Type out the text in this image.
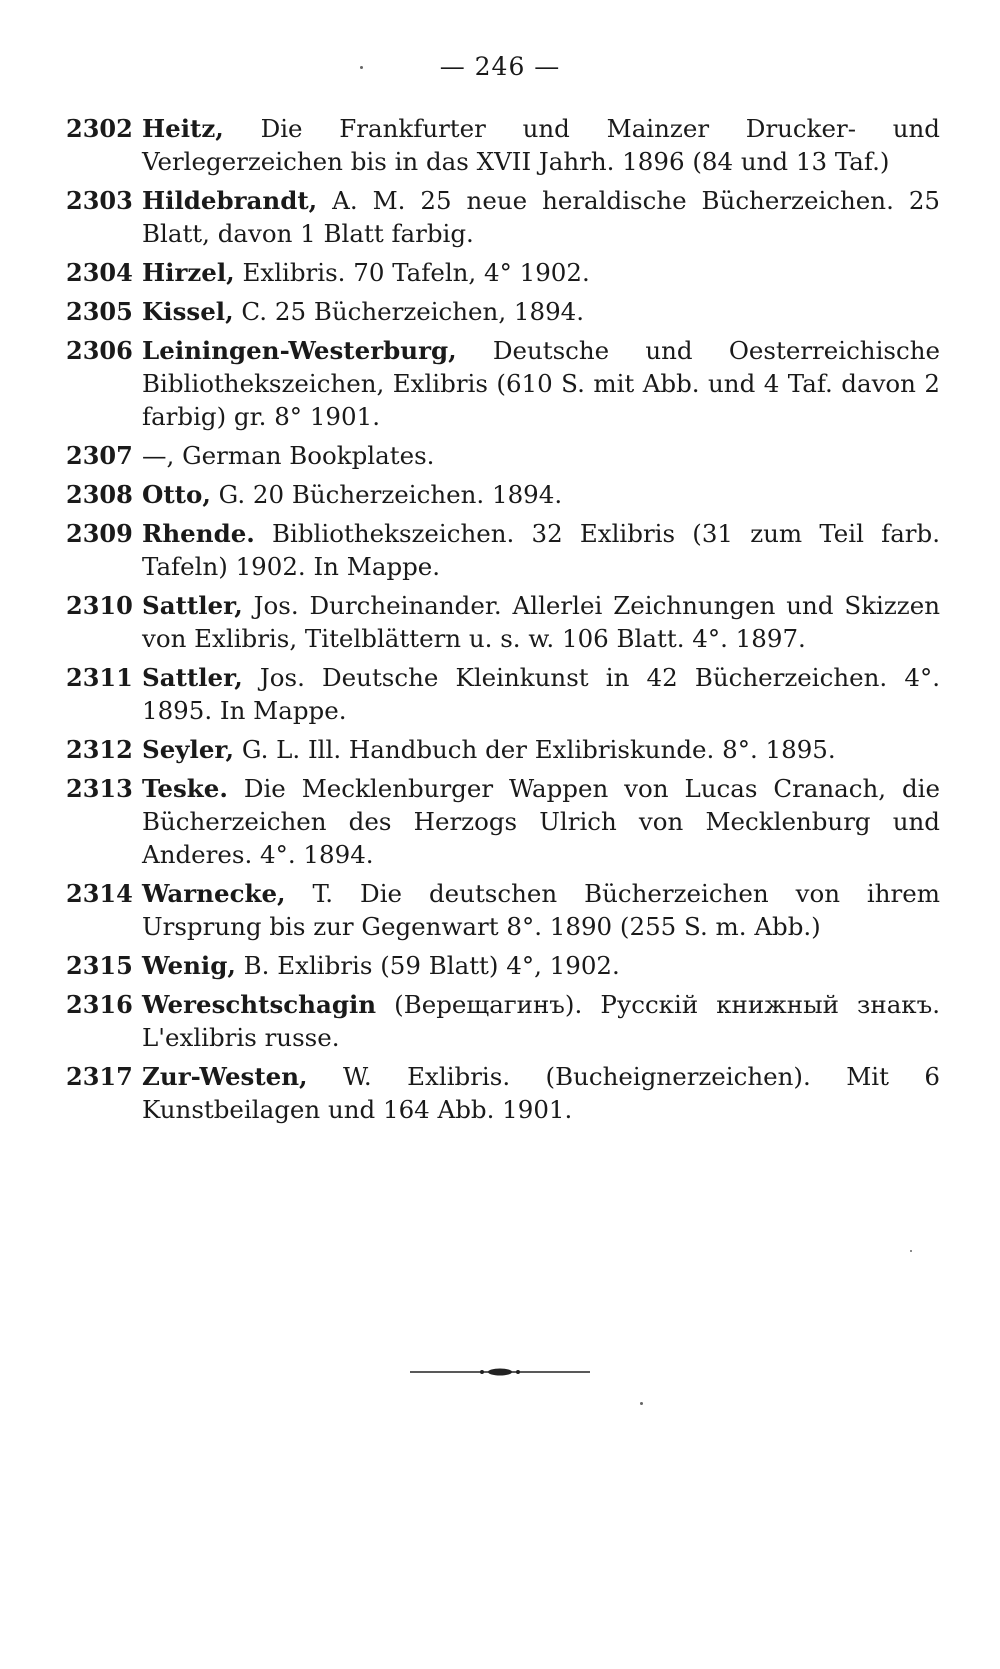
— 246 —
2302 Heitz, Die Frankfurter und Mainzer Drucker- und Verlegerzeichen bis in das XVII Jahrh. 1896 (84 und 13 Taf.)
2303 Hildebrandt, A. M. 25 neue heraldische Bücherzeichen. 25 Blatt, davon 1 Blatt farbig.
2304 Hirzel, Exlibris. 70 Tafeln, 4° 1902.
2305 Kissel, C. 25 Bücherzeichen, 1894.
2306 Leiningen-Westerburg, Deutsche und Oesterreichische Bibliothekszeichen, Exlibris (610 S. mit Abb. und 4 Taf. davon 2 farbig) gr. 8° 1901.
2307 —, German Bookplates.
2308 Otto, G. 20 Bücherzeichen. 1894.
2309 Rhende. Bibliothekszeichen. 32 Exlibris (31 zum Teil farb. Tafeln) 1902. In Mappe.
2310 Sattler, Jos. Durcheinander. Allerlei Zeichnungen und Skizzen von Exlibris, Titelblättern u. s. w. 106 Blatt. 4°. 1897.
2311 Sattler, Jos. Deutsche Kleinkunst in 42 Bücherzeichen. 4°. 1895. In Mappe.
2312 Seyler, G. L. Ill. Handbuch der Exlibriskunde. 8°. 1895.
2313 Teske. Die Mecklenburger Wappen von Lucas Cranach, die Bücherzeichen des Herzogs Ulrich von Mecklenburg und Anderes. 4°. 1894.
2314 Warnecke, T. Die deutschen Bücherzeichen von ihrem Ursprung bis zur Gegenwart 8°. 1890 (255 S. m. Abb.)
2315 Wenig, B. Exlibris (59 Blatt) 4°, 1902.
2316 Wereschtschagin (Верещагинъ). Русскiй книжный знакъ. L'exlibris russe.
2317 Zur-Westen, W. Exlibris. (Bucheignerzeichen). Mit 6 Kunstbeilagen und 164 Abb. 1901.
